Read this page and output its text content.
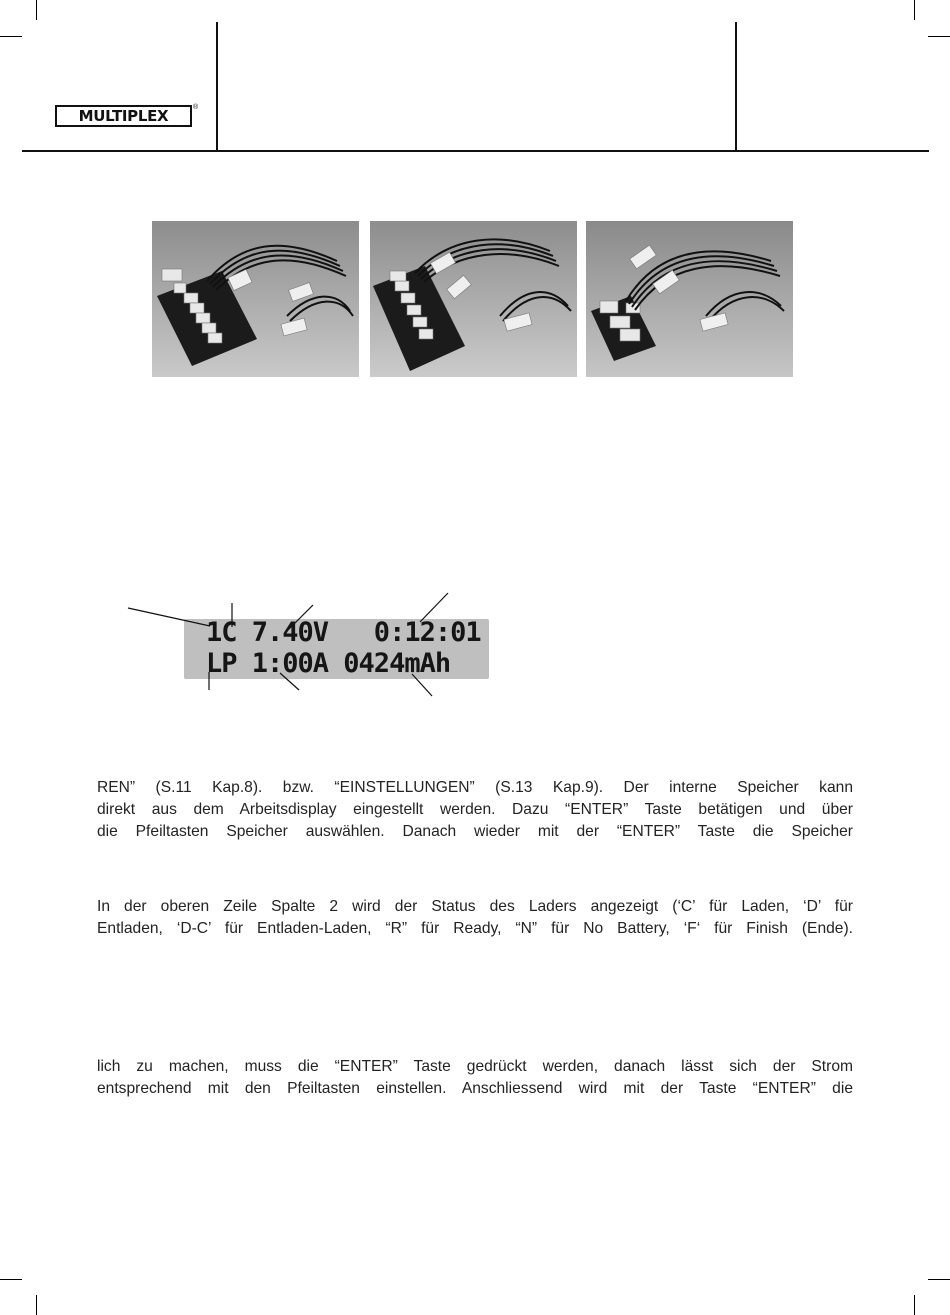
MULTIPLEX	®
1C 7.40V   0:12:01
LP 1:00A 0424mAh
REN” (S.11 Kap.8). bzw. “EINSTELLUNGEN” (S.13 Kap.9). Der interne Speicher kann
direkt aus dem Arbeitsdisplay eingestellt werden. Dazu “ENTER” Taste betätigen und über
die Pfeiltasten Speicher auswählen. Danach wieder mit der “ENTER” Taste die Speicher
In der oberen Zeile Spalte 2 wird der Status des Laders angezeigt (‘C’ für Laden, ‘D’ für
Entladen, ‘D-C’ für Entladen-Laden, “R” für Ready, “N” für No Battery, ‘F‘ für Finish (Ende).
lich zu machen, muss die “ENTER” Taste gedrückt werden, danach lässt sich der Strom
entsprechend mit den Pfeiltasten einstellen. Anschliessend wird mit der Taste “ENTER” die
